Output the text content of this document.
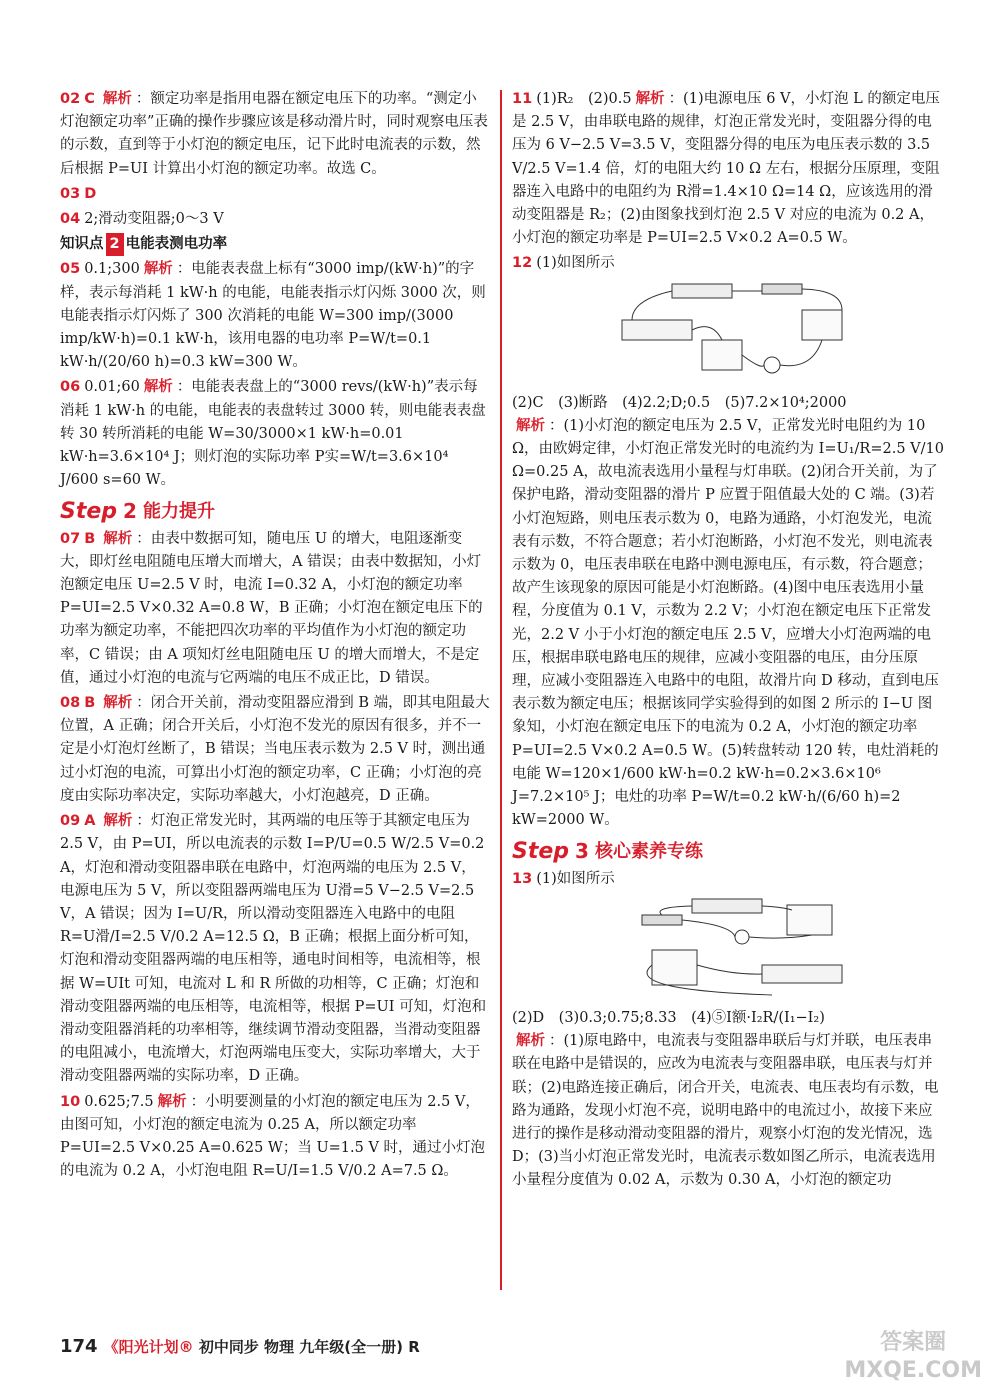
02 C 解析 ：额定功率是指用电器在额定电压下的功率。“测定小灯泡额定功率”正确的操作步骤应该是移动滑片时，同时观察电压表的示数，直到等于小灯泡的额定电压，记下此时电流表的示数，然后根据 P=UI 计算出小灯泡的额定功率。故选 C。
03 D
04 2;滑动变阻器;0～3 V
知识点 2 电能表测电功率
05 0.1;300 解析 ：电能表表盘上标有“3000 imp/(kW·h)”的字样，表示每消耗 1 kW·h 的电能，电能表指示灯闪烁 3000 次，则电能表指示灯闪烁了 300 次消耗的电能 W=300 imp/(3000 imp/kW·h)=0.1 kW·h，该用电器的电功率 P=W/t=0.1 kW·h/(20/60 h)=0.3 kW=300 W。
06 0.01;60 解析 ：电能表表盘上的“3000 revs/(kW·h)”表示每消耗 1 kW·h 的电能，电能表的表盘转过 3000 转，则电能表表盘转 30 转所消耗的电能 W=30/3000×1 kW·h=0.01 kW·h=3.6×10⁴ J；则灯泡的实际功率 P实=W/t=3.6×10⁴ J/600 s=60 W。
Step 2 能力提升
07 B 解析 ：由表中数据可知，随电压 U 的增大，电阻逐渐变大，即灯丝电阻随电压增大而增大，A 错误；由表中数据知，小灯泡额定电压 U=2.5 V 时，电流 I=0.32 A，小灯泡的额定功率 P=UI=2.5 V×0.32 A=0.8 W，B 正确；小灯泡在额定电压下的功率为额定功率，不能把四次功率的平均值作为小灯泡的额定功率，C 错误；由 A 项知灯丝电阻随电压 U 的增大而增大，不是定值，通过小灯泡的电流与它两端的电压不成正比，D 错误。
08 B 解析 ：闭合开关前，滑动变阻器应滑到 B 端，即其电阻最大位置，A 正确；闭合开关后，小灯泡不发光的原因有很多，并不一定是小灯泡灯丝断了，B 错误；当电压表示数为 2.5 V 时，测出通过小灯泡的电流，可算出小灯泡的额定功率，C 正确；小灯泡的亮度由实际功率决定，实际功率越大，小灯泡越亮，D 正确。
09 A 解析 ：灯泡正常发光时，其两端的电压等于其额定电压为 2.5 V，由 P=UI，所以电流表的示数 I=P/U=0.5 W/2.5 V=0.2 A，灯泡和滑动变阻器串联在电路中，灯泡两端的电压为 2.5 V，电源电压为 5 V，所以变阻器两端电压为 U滑=5 V−2.5 V=2.5 V，A 错误；因为 I=U/R，所以滑动变阻器连入电路中的电阻 R=U滑/I=2.5 V/0.2 A=12.5 Ω，B 正确；根据上面分析可知，灯泡和滑动变阻器两端的电压相等，通电时间相等，电流相等，根据 W=UIt 可知，电流对 L 和 R 所做的功相等，C 正确；灯泡和滑动变阻器两端的电压相等，电流相等，根据 P=UI 可知，灯泡和滑动变阻器消耗的功率相等，继续调节滑动变阻器，当滑动变阻器的电阻减小，电流增大，灯泡两端电压变大，实际功率增大，大于滑动变阻器两端的实际功率，D 正确。
10 0.625;7.5 解析 ：小明要测量的小灯泡的额定电压为 2.5 V，由图可知，小灯泡的额定电流为 0.25 A，所以额定功率 P=UI=2.5 V×0.25 A=0.625 W；当 U=1.5 V 时，通过小灯泡的电流为 0.2 A，小灯泡电阻 R=U/I=1.5 V/0.2 A=7.5 Ω。
11 (1)R₂　(2)0.5 解析 ：(1)电源电压 6 V，小灯泡 L 的额定电压是 2.5 V，由串联电路的规律，灯泡正常发光时，变阻器分得的电压为 6 V−2.5 V=3.5 V，变阻器分得的电压为电压表示数的 3.5 V/2.5 V=1.4 倍，灯的电阻大约 10 Ω 左右，根据分压原理，变阻器连入电路中的电阻约为 R滑=1.4×10 Ω=14 Ω，应该选用的滑动变阻器是 R₂；(2)由图象找到灯泡 2.5 V 对应的电流为 0.2 A，小灯泡的额定功率是 P=UI=2.5 V×0.2 A=0.5 W。
12 (1)如图所示
(2)C　(3)断路　(4)2.2;D;0.5　(5)7.2×10⁴;2000
解析 ：(1)小灯泡的额定电压为 2.5 V，正常发光时电阻约为 10 Ω，由欧姆定律，小灯泡正常发光时的电流约为 I=U₁/R=2.5 V/10 Ω=0.25 A，故电流表选用小量程与灯串联。(2)闭合开关前，为了保护电路，滑动变阻器的滑片 P 应置于阻值最大处的 C 端。(3)若小灯泡短路，则电压表示数为 0，电路为通路，小灯泡发光，电流表有示数，不符合题意；若小灯泡断路，小灯泡不发光，则电流表示数为 0，电压表串联在电路中测电源电压，有示数，符合题意；故产生该现象的原因可能是小灯泡断路。(4)图中电压表选用小量程，分度值为 0.1 V，示数为 2.2 V；小灯泡在额定电压下正常发光，2.2 V 小于小灯泡的额定电压 2.5 V，应增大小灯泡两端的电压，根据串联电路电压的规律，应减小变阻器的电压，由分压原理，应减小变阻器连入电路中的电阻，故滑片向 D 移动，直到电压表示数为额定电压；根据该同学实验得到的如图 2 所示的 I−U 图象知，小灯泡在额定电压下的电流为 0.2 A，小灯泡的额定功率 P=UI=2.5 V×0.2 A=0.5 W。(5)转盘转动 120 转，电灶消耗的电能 W=120×1/600 kW·h=0.2 kW·h=0.2×3.6×10⁶ J=7.2×10⁵ J；电灶的功率 P=W/t=0.2 kW·h/(6/60 h)=2 kW=2000 W。
Step 3 核心素养专练
13 (1)如图所示
(2)D　(3)0.3;0.75;8.33　(4)⑤I额·I₂R/(I₁−I₂)
解析 ：(1)原电路中，电流表与变阻器串联后与灯并联，电压表串联在电路中是错误的，应改为电流表与变阻器串联，电压表与灯并联；(2)电路连接正确后，闭合开关，电流表、电压表均有示数，电路为通路，发现小灯泡不亮，说明电路中的电流过小，故接下来应进行的操作是移动滑动变阻器的滑片，观察小灯泡的发光情况，选 D；(3)当小灯泡正常发光时，电流表示数如图乙所示，电流表选用小量程分度值为 0.02 A，示数为 0.30 A，小灯泡的额定功
174 《阳光计划® 初中同步 物理 九年级(全一册) R	答案圈
MXQE.COM
